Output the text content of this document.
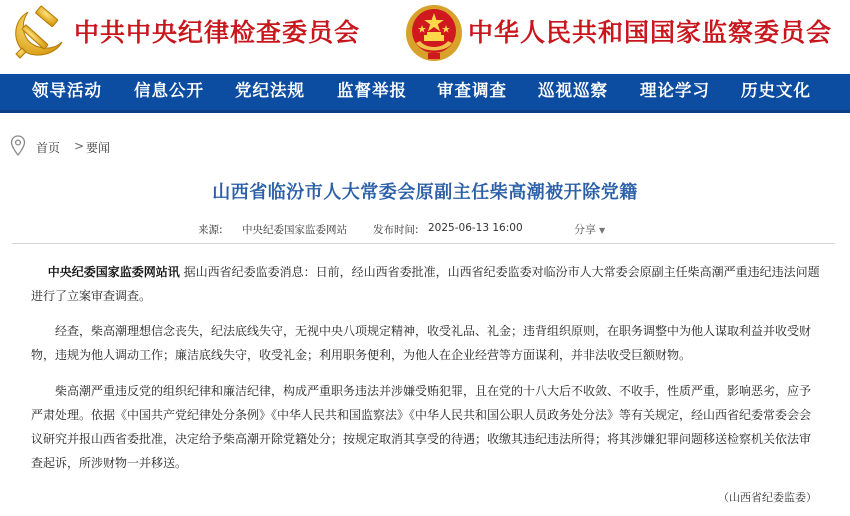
中共中央纪律检查委员会	中华人民共和国国家监察委员会
领导活动 信息公开 党纪法规 监督举报 审查调查 巡视巡察 理论学习 历史文化
首页 > 要闻
山西省临汾市人大常委会原副主任柴高潮被开除党籍
来源: 中央纪委国家监委网站 发布时间: 2025-06-13 16:00	分享 ▼
中央纪委国家监委网站讯 据山西省纪委监委消息：日前，经山西省委批准，山西省纪委监委对临汾市人大常委会原副主任柴高潮严重违纪违法问题进行了立案审查调查。
经查，柴高潮理想信念丧失，纪法底线失守，无视中央八项规定精神，收受礼品、礼金；违背组织原则，在职务调整中为他人谋取利益并收受财物，违规为他人调动工作；廉洁底线失守，收受礼金；利用职务便利，为他人在企业经营等方面谋利，并非法收受巨额财物。
柴高潮严重违反党的组织纪律和廉洁纪律，构成严重职务违法并涉嫌受贿犯罪，且在党的十八大后不收敛、不收手，性质严重，影响恶劣，应予严肃处理。依据《中国共产党纪律处分条例》《中华人民共和国监察法》《中华人民共和国公职人员政务处分法》等有关规定，经山西省纪委常委会会议研究并报山西省委批准，决定给予柴高潮开除党籍处分；按规定取消其享受的待遇；收缴其违纪违法所得；将其涉嫌犯罪问题移送检察机关依法审查起诉，所涉财物一并移送。
（山西省纪委监委）
